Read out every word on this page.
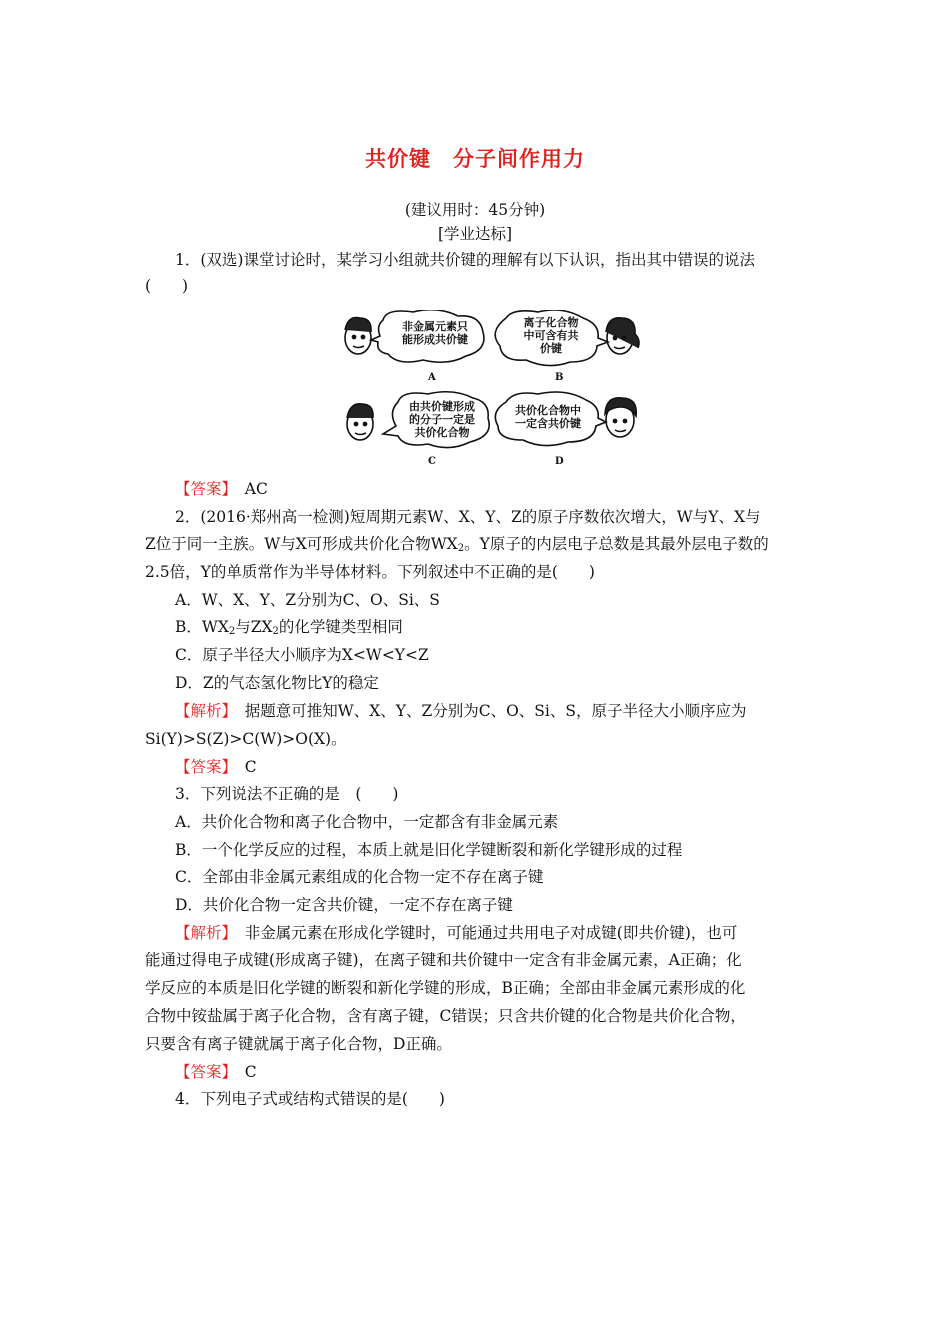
共价键　分子间作用力
(建议用时：45分钟)
[学业达标]
1．(双选)课堂讨论时，某学习小组就共价键的理解有以下认识，指出其中错误的说法
(　　)
非金属元素只
能形成共价键
离子化合物
中可含有共
价键
由共价键形成
的分子一定是
共价化合物
共价化合物中
一定含共价键
A	B
C	D
【答案】　 AC
2．(2016·郑州高一检测)短周期元素W、X、Y、Z的原子序数依次增大，W与Y、X与
Z位于同一主族。W与X可形成共价化合物$WX_2$。Y原子的内层电子总数是其最外层电子数的
2.5倍，Y的单质常作为半导体材料。下列叙述中不正确的是(　　)
A．W、X、Y、Z分别为C、O、Si、S
B．$WX_2$与$ZX_2$的化学键类型相同
C．原子半径大小顺序为X<W<Y<Z
D．Z的气态氢化物比Y的稳定
【解析】　据题意可推知W、X、Y、Z分别为C、O、Si、S，原子半径大小顺序应为
Si(Y)>S(Z)>C(W)>O(X)。
【答案】　 C
3．下列说法不正确的是　(　　)
A．共价化合物和离子化合物中，一定都含有非金属元素
B．一个化学反应的过程，本质上就是旧化学键断裂和新化学键形成的过程
C．全部由非金属元素组成的化合物一定不存在离子键
D．共价化合物一定含共价键，一定不存在离子键
【解析】　非金属元素在形成化学键时，可能通过共用电子对成键(即共价键)，也可
能通过得电子成键(形成离子键)，在离子键和共价键中一定含有非金属元素，A正确；化
学反应的本质是旧化学键的断裂和新化学键的形成，B正确；全部由非金属元素形成的化
合物中铵盐属于离子化合物，含有离子键，C错误；只含共价键的化合物是共价化合物，
只要含有离子键就属于离子化合物，D正确。
【答案】　 C
4．下列电子式或结构式错误的是(　　)
